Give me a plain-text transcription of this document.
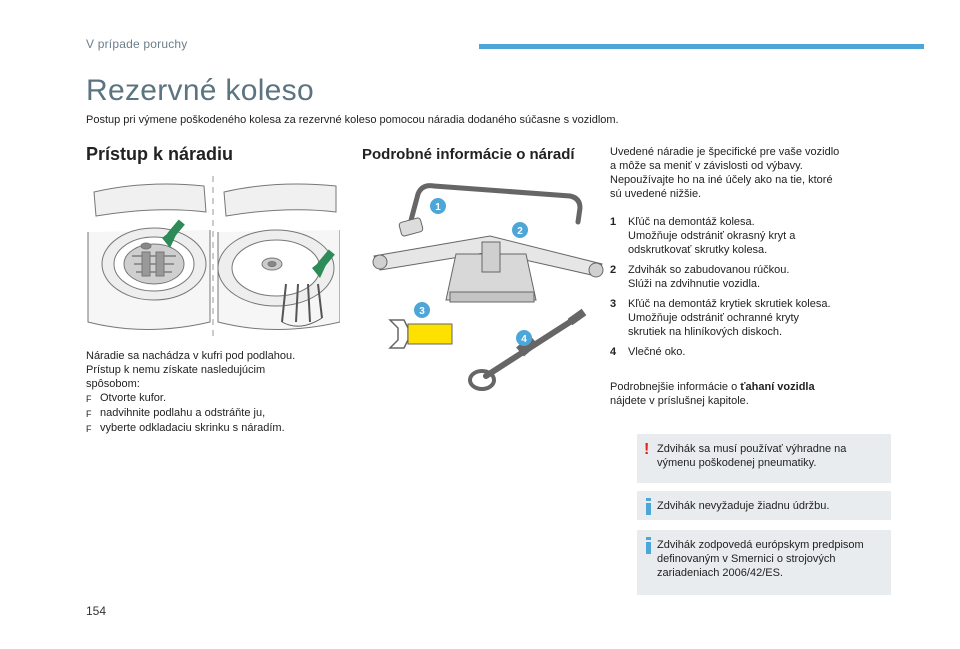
V prípade poruchy
Rezervné koleso
Postup pri výmene poškodeného kolesa za rezervné koleso pomocou náradia dodaného súčasne s vozidlom.
Prístup k náradiu	Podrobné informácie o náradí
1
2
3
4
Náradie sa nachádza v kufri pod podlahou.
Prístup k nemu získate nasledujúcim
spôsobom:
F Otvorte kufor.
F nadvihnite podlahu a odstráňte ju,
F vyberte odkladaciu skrinku s náradím.
Uvedené náradie je špecifické pre vaše vozidlo
a môže sa meniť v závislosti od výbavy.
Nepoužívajte ho na iné účely ako na tie, ktoré
sú uvedené nižšie.
1	Kľúč na demontáž kolesa.
Umožňuje odstrániť okrasný kryt a
odskrutkovať skrutky kolesa.
2	Zdvihák so zabudovanou rúčkou.
Slúži na zdvihnutie vozidla.
3	Kľúč na demontáž krytiek skrutiek kolesa.
Umožňuje odstrániť ochranné kryty
skrutiek na hliníkových diskoch.
4	Vlečné oko.
Podrobnejšie informácie o ťahaní vozidla
nájdete v príslušnej kapitole.
! Zdvihák sa musí používať výhradne na
výmenu poškodenej pneumatiky.
Zdvihák nevyžaduje žiadnu údržbu.
Zdvihák zodpovedá európskym predpisom
definovaným v Smernici o strojových
zariadeniach 2006/42/ES.
154
